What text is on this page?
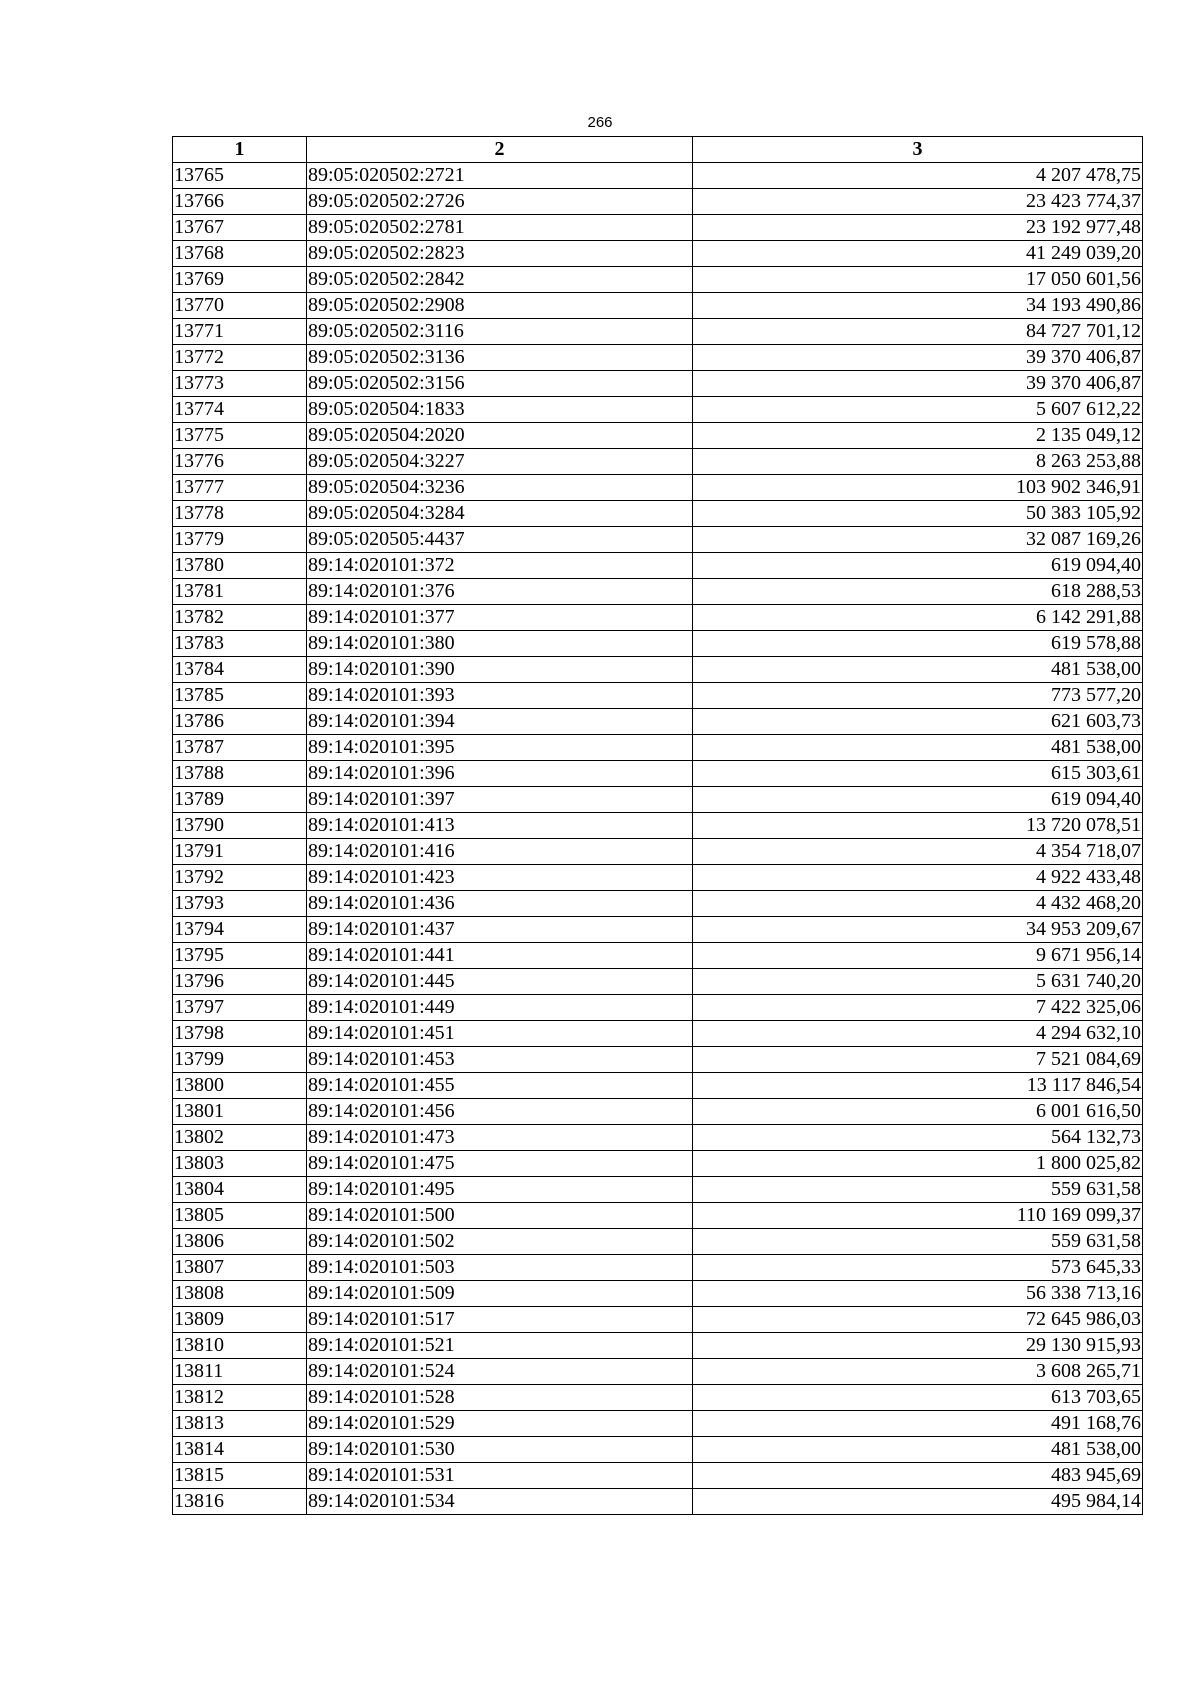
266
1	2	3
13765	89:05:020502:2721	4 207 478,75
13766	89:05:020502:2726	23 423 774,37
13767	89:05:020502:2781	23 192 977,48
13768	89:05:020502:2823	41 249 039,20
13769	89:05:020502:2842	17 050 601,56
13770	89:05:020502:2908	34 193 490,86
13771	89:05:020502:3116	84 727 701,12
13772	89:05:020502:3136	39 370 406,87
13773	89:05:020502:3156	39 370 406,87
13774	89:05:020504:1833	5 607 612,22
13775	89:05:020504:2020	2 135 049,12
13776	89:05:020504:3227	8 263 253,88
13777	89:05:020504:3236	103 902 346,91
13778	89:05:020504:3284	50 383 105,92
13779	89:05:020505:4437	32 087 169,26
13780	89:14:020101:372	619 094,40
13781	89:14:020101:376	618 288,53
13782	89:14:020101:377	6 142 291,88
13783	89:14:020101:380	619 578,88
13784	89:14:020101:390	481 538,00
13785	89:14:020101:393	773 577,20
13786	89:14:020101:394	621 603,73
13787	89:14:020101:395	481 538,00
13788	89:14:020101:396	615 303,61
13789	89:14:020101:397	619 094,40
13790	89:14:020101:413	13 720 078,51
13791	89:14:020101:416	4 354 718,07
13792	89:14:020101:423	4 922 433,48
13793	89:14:020101:436	4 432 468,20
13794	89:14:020101:437	34 953 209,67
13795	89:14:020101:441	9 671 956,14
13796	89:14:020101:445	5 631 740,20
13797	89:14:020101:449	7 422 325,06
13798	89:14:020101:451	4 294 632,10
13799	89:14:020101:453	7 521 084,69
13800	89:14:020101:455	13 117 846,54
13801	89:14:020101:456	6 001 616,50
13802	89:14:020101:473	564 132,73
13803	89:14:020101:475	1 800 025,82
13804	89:14:020101:495	559 631,58
13805	89:14:020101:500	110 169 099,37
13806	89:14:020101:502	559 631,58
13807	89:14:020101:503	573 645,33
13808	89:14:020101:509	56 338 713,16
13809	89:14:020101:517	72 645 986,03
13810	89:14:020101:521	29 130 915,93
13811	89:14:020101:524	3 608 265,71
13812	89:14:020101:528	613 703,65
13813	89:14:020101:529	491 168,76
13814	89:14:020101:530	481 538,00
13815	89:14:020101:531	483 945,69
13816	89:14:020101:534	495 984,14
